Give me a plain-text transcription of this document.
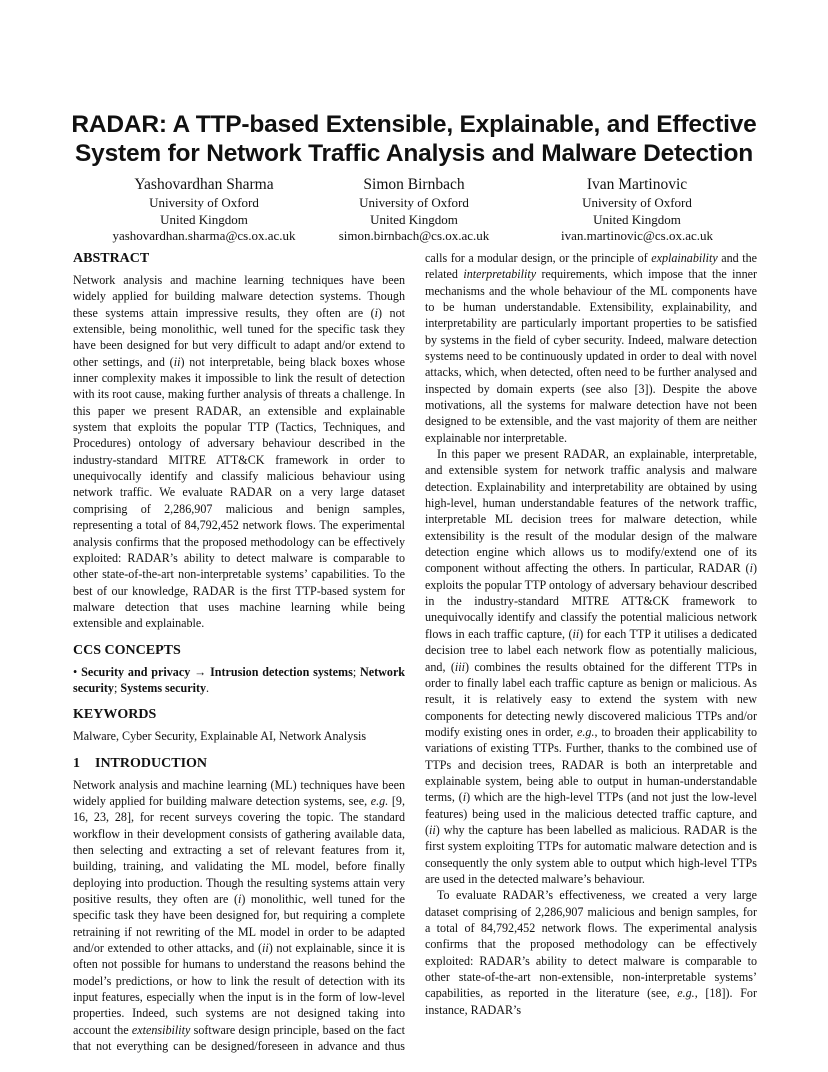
RADAR: A TTP-based Extensible, Explainable, and Effective
System for Network Traffic Analysis and Malware Detection
Yashovardhan Sharma
University of Oxford
United Kingdom
yashovardhan.sharma@cs.ox.ac.uk
Simon Birnbach
University of Oxford
United Kingdom
simon.birnbach@cs.ox.ac.uk
Ivan Martinovic
University of Oxford
United Kingdom
ivan.martinovic@cs.ox.ac.uk
ABSTRACT

Network analysis and machine learning techniques have been widely applied for building malware detection systems. Though these systems attain impressive results, they often are (i) not extensible, being monolithic, well tuned for the specific task they have been designed for but very difficult to adapt and/or extend to other settings, and (ii) not interpretable, being black boxes whose inner complexity makes it impossible to link the result of detection with its root cause, making further analysis of threats a challenge. In this paper we present RADAR, an extensible and explainable system that exploits the popular TTP (Tactics, Techniques, and Procedures) ontology of adversary behaviour described in the industry-standard MITRE ATT&CK framework in order to unequivocally identify and classify malicious behaviour using network traffic. We evaluate RADAR on a very large dataset comprising of 2,286,907 malicious and benign samples, representing a total of 84,792,452 network flows. The experimental analysis confirms that the proposed methodology can be effectively exploited: RADAR’s ability to detect malware is comparable to other state-of-the-art non-interpretable systems’ capabilities. To the best of our knowledge, RADAR is the first TTP-based system for malware detection that uses machine learning while being extensible and explainable.

CCS CONCEPTS

• Security and privacy → Intrusion detection systems; Network security; Systems security.

KEYWORDS

Malware, Cyber Security, Explainable AI, Network Analysis

1 INTRODUCTION

Network analysis and machine learning (ML) techniques have been widely applied for building malware detection systems, see, e.g. [9, 16, 23, 28], for recent surveys covering the topic. The standard workflow in their development consists of gathering available data, then selecting and extracting a set of relevant features from it, building, training, and validating the ML model, before finally deploying into production. Though the resulting systems attain very positive results, they often are (i) monolithic, well tuned for the specific task they have been designed for, but requiring a complete retraining if not rewriting of the ML model in order to be adapted and/or extended to other attacks, and (ii) not explainable, since it is often not possible for humans to understand the reasons behind the model’s predictions, or how to link the result of detection with its input features, especially when the input is in the form of low-level properties. Indeed, such systems are not designed taking into account the extensibility software design principle, based on the fact that not everything can be designed/foreseen in advance and thus

calls for a modular design, or the principle of explainability and the related interpretability requirements, which impose that the inner mechanisms and the whole behaviour of the ML components have to be human understandable. Extensibility, explainability, and interpretability are particularly important properties to be satisfied by systems in the field of cyber security. Indeed, malware detection systems need to be continuously updated in order to deal with novel attacks, which, when detected, often need to be further analysed and inspected by domain experts (see also [3]). Despite the above motivations, all the systems for malware detection have not been designed to be extensible, and the vast majority of them are neither explainable nor interpretable.

In this paper we present RADAR, an explainable, interpretable, and extensible system for network traffic analysis and malware detection. Explainability and interpretability are obtained by using high-level, human understandable features of the network traffic, interpretable ML decision trees for malware detection, while extensibility is the result of the modular design of the malware detection engine which allows us to modify/extend one of its component without affecting the others. In particular, RADAR (i) exploits the popular TTP ontology of adversary behaviour described in the industry-standard MITRE ATT&CK framework to unequivocally identify and classify the potential malicious network flows in each traffic capture, (ii) for each TTP it utilises a dedicated decision tree to label each network flow as potentially malicious, and, (iii) combines the results obtained for the different TTPs in order to finally label each traffic capture as benign or malicious. As result, it is relatively easy to extend the system with new components for detecting newly discovered malicious TTPs and/or modify existing ones in order, e.g., to broaden their applicability to variations of existing TTPs. Further, thanks to the combined use of TTPs and decision trees, RADAR is both an interpretable and explainable system, being able to output in human-understandable terms, (i) which are the high-level TTPs (and not just the low-level features) being used in the malicious detected traffic capture, and (ii) why the capture has been labelled as malicious. RADAR is the first system exploiting TTPs for automatic malware detection and is consequently the only system able to output which high-level TTPs are used in the detected malware’s behaviour.

To evaluate RADAR’s effectiveness, we created a very large dataset comprising of 2,286,907 malicious and benign samples, for a total of 84,792,452 network flows. The experimental analysis confirms that the proposed methodology can be effectively exploited: RADAR’s ability to detect malware is comparable to other state-of-the-art non-extensible, non-interpretable systems’ capabilities, as reported in the literature (see, e.g., [18]). For instance, RADAR’s
